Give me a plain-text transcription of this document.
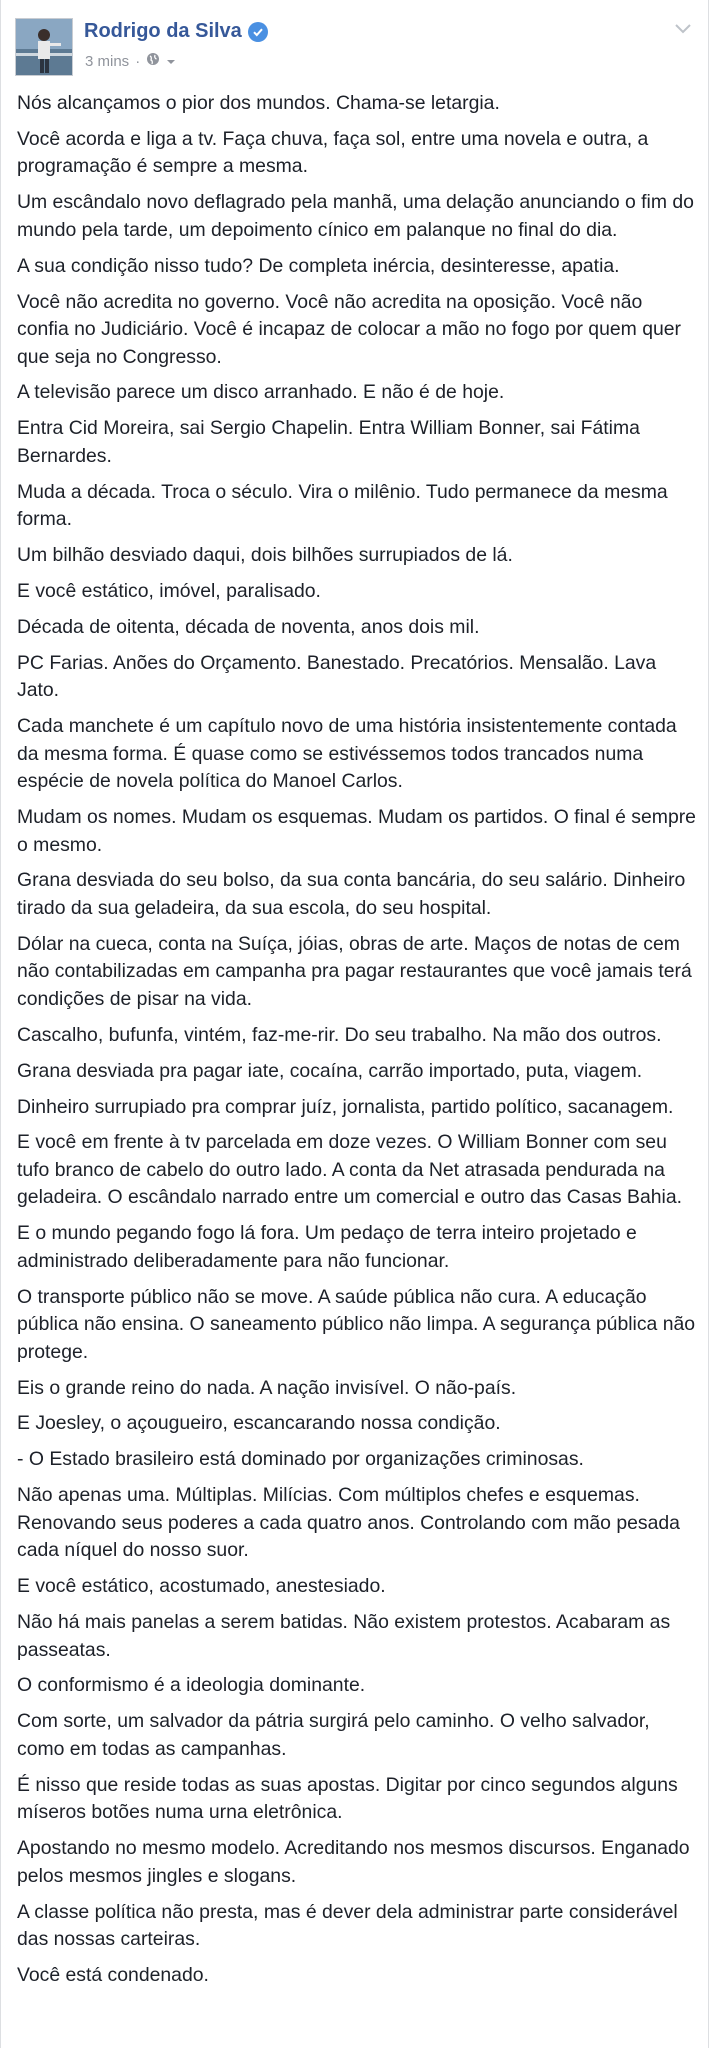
Rodrigo da Silva
3 mins ·

Nós alcançamos o pior dos mundos. Chama-se letargia.

Você acorda e liga a tv. Faça chuva, faça sol, entre uma novela e outra, a programação é sempre a mesma.

Um escândalo novo deflagrado pela manhã, uma delação anunciando o fim do mundo pela tarde, um depoimento cínico em palanque no final do dia.

A sua condição nisso tudo? De completa inércia, desinteresse, apatia.

Você não acredita no governo. Você não acredita na oposição. Você não confia no Judiciário. Você é incapaz de colocar a mão no fogo por quem quer que seja no Congresso.

A televisão parece um disco arranhado. E não é de hoje.

Entra Cid Moreira, sai Sergio Chapelin. Entra William Bonner, sai Fátima Bernardes.

Muda a década. Troca o século. Vira o milênio. Tudo permanece da mesma forma.

Um bilhão desviado daqui, dois bilhões surrupiados de lá.

E você estático, imóvel, paralisado.

Década de oitenta, década de noventa, anos dois mil.

PC Farias. Anões do Orçamento. Banestado. Precatórios. Mensalão. Lava Jato.

Cada manchete é um capítulo novo de uma história insistentemente contada da mesma forma. É quase como se estivéssemos todos trancados numa espécie de novela política do Manoel Carlos.

Mudam os nomes. Mudam os esquemas. Mudam os partidos. O final é sempre o mesmo.

Grana desviada do seu bolso, da sua conta bancária, do seu salário. Dinheiro tirado da sua geladeira, da sua escola, do seu hospital.

Dólar na cueca, conta na Suíça, jóias, obras de arte. Maços de notas de cem não contabilizadas em campanha pra pagar restaurantes que você jamais terá condições de pisar na vida.

Cascalho, bufunfa, vintém, faz-me-rir. Do seu trabalho. Na mão dos outros.

Grana desviada pra pagar iate, cocaína, carrão importado, puta, viagem.

Dinheiro surrupiado pra comprar juíz, jornalista, partido político, sacanagem.

E você em frente à tv parcelada em doze vezes. O William Bonner com seu tufo branco de cabelo do outro lado. A conta da Net atrasada pendurada na geladeira. O escândalo narrado entre um comercial e outro das Casas Bahia.

E o mundo pegando fogo lá fora. Um pedaço de terra inteiro projetado e administrado deliberadamente para não funcionar.

O transporte público não se move. A saúde pública não cura. A educação pública não ensina. O saneamento público não limpa. A segurança pública não protege.

Eis o grande reino do nada. A nação invisível. O não-país.

E Joesley, o açougueiro, escancarando nossa condição.

- O Estado brasileiro está dominado por organizações criminosas.

Não apenas uma. Múltiplas. Milícias. Com múltiplos chefes e esquemas. Renovando seus poderes a cada quatro anos. Controlando com mão pesada cada níquel do nosso suor.

E você estático, acostumado, anestesiado.

Não há mais panelas a serem batidas. Não existem protestos. Acabaram as passeatas.

O conformismo é a ideologia dominante.

Com sorte, um salvador da pátria surgirá pelo caminho. O velho salvador, como em todas as campanhas.

É nisso que reside todas as suas apostas. Digitar por cinco segundos alguns míseros botões numa urna eletrônica.

Apostando no mesmo modelo. Acreditando nos mesmos discursos. Enganado pelos mesmos jingles e slogans.

A classe política não presta, mas é dever dela administrar parte considerável das nossas carteiras.

Você está condenado.
